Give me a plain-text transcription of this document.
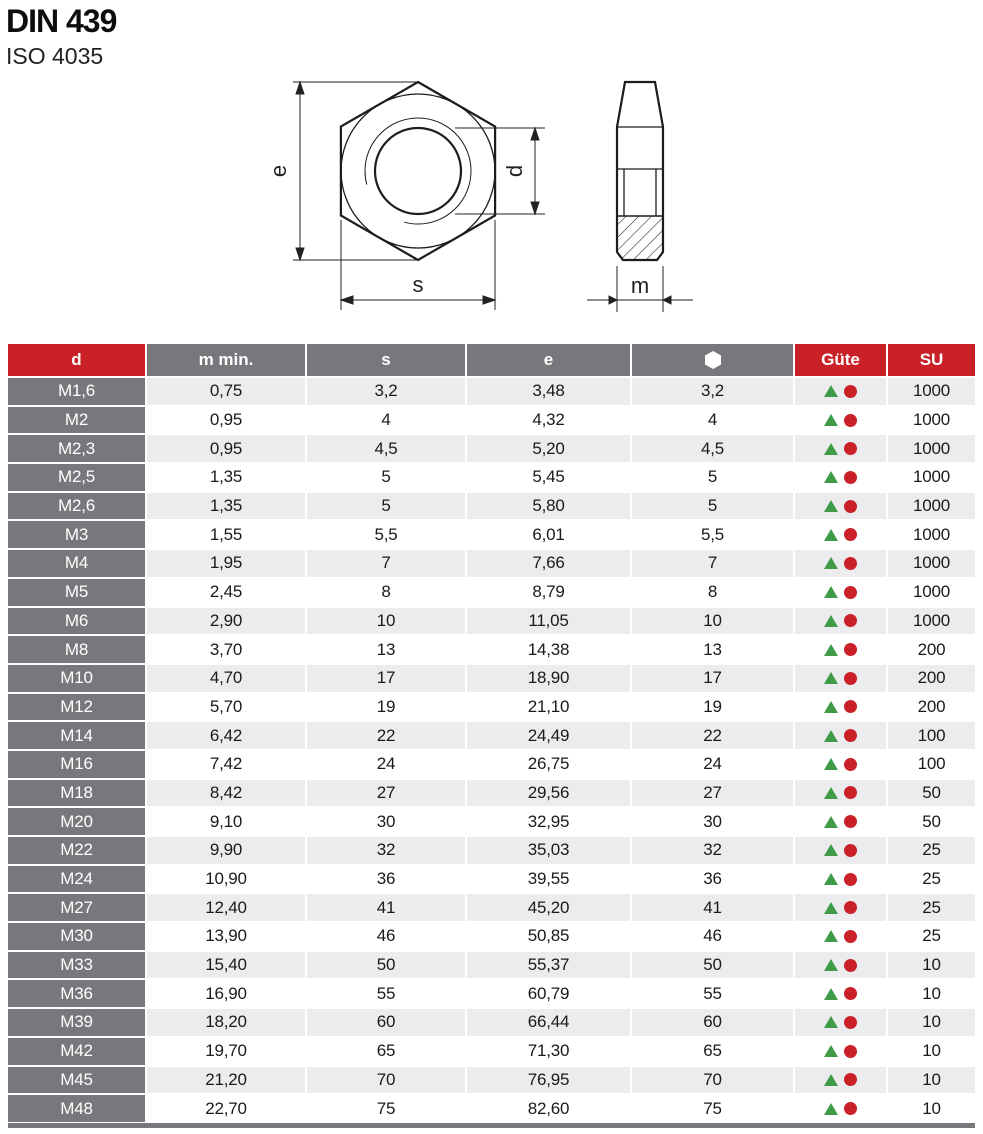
DIN 439
ISO 4035
e	d
s	m
d	m min.	s	e	Güte	SU
M1,6	0,75	3,2	3,48	3,2	1000
M2	0,95	4	4,32	4	1000
M2,3	0,95	4,5	5,20	4,5	1000
M2,5	1,35	5	5,45	5	1000
M2,6	1,35	5	5,80	5	1000
M3	1,55	5,5	6,01	5,5	1000
M4	1,95	7	7,66	7	1000
M5	2,45	8	8,79	8	1000
M6	2,90	10	11,05	10	1000
M8	3,70	13	14,38	13	200
M10	4,70	17	18,90	17	200
M12	5,70	19	21,10	19	200
M14	6,42	22	24,49	22	100
M16	7,42	24	26,75	24	100
M18	8,42	27	29,56	27	50
M20	9,10	30	32,95	30	50
M22	9,90	32	35,03	32	25
M24	10,90	36	39,55	36	25
M27	12,40	41	45,20	41	25
M30	13,90	46	50,85	46	25
M33	15,40	50	55,37	50	10
M36	16,90	55	60,79	55	10
M39	18,20	60	66,44	60	10
M42	19,70	65	71,30	65	10
M45	21,20	70	76,95	70	10
M48	22,70	75	82,60	75	10
